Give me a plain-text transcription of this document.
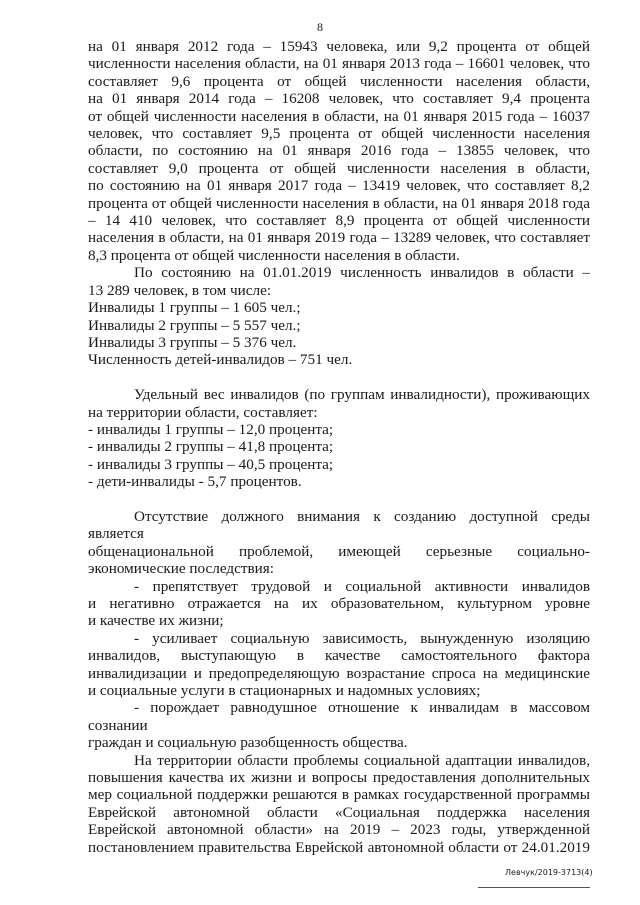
8

на 01 января 2012 года – 15943 человека, или 9,2 процента от общей

численности населения области, на 01 января 2013 года – 16601 человек, что

составляет 9,6 процента от общей численности населения области,

на 01 января 2014 года – 16208 человек, что составляет 9,4 процента

от общей численности населения в области, на 01 января 2015 года – 16037

человек, что составляет 9,5 процента от общей численности населения

области, по состоянию на 01 января 2016 года – 13855 человек, что

составляет 9,0 процента от общей численности населения в области,

по состоянию на 01 января 2017 года – 13419 человек, что составляет 8,2

процента от общей численности населения в области, на 01 января 2018 года

– 14 410 человек, что составляет 8,9 процента от общей численности

населения в области, на 01 января 2019 года – 13289 человек, что составляет

8,3 процента от общей численности населения в области.

По состоянию на 01.01.2019 численность инвалидов в области –

13 289 человек, в том числе:

Инвалиды 1 группы – 1 605 чел.;

Инвалиды 2 группы – 5 557 чел.;

Инвалиды 3 группы – 5 376 чел.

Численность детей-инвалидов – 751 чел.

Удельный вес инвалидов (по группам инвалидности), проживающих

на территории области, составляет:

- инвалиды 1 группы – 12,0 процента;

- инвалиды 2 группы – 41,8 процента;

- инвалиды 3 группы – 40,5 процента;

- дети-инвалиды - 5,7 процентов.

Отсутствие должного внимания к созданию доступной среды является

общенациональной проблемой, имеющей серьезные социально-

экономические последствия:

- препятствует трудовой и социальной активности инвалидов

и негативно отражается на их образовательном, культурном уровне

и качестве их жизни;

- усиливает социальную зависимость, вынужденную изоляцию

инвалидов, выступающую в качестве самостоятельного фактора

инвалидизации и предопределяющую возрастание спроса на медицинские

и социальные услуги в стационарных и надомных условиях;

- порождает равнодушное отношение к инвалидам в массовом сознании

граждан и социальную разобщенность общества.

На территории области проблемы социальной адаптации инвалидов,

повышения качества их жизни и вопросы предоставления дополнительных

мер социальной поддержки решаются в рамках государственной программы

Еврейской автономной области «Социальная поддержка населения

Еврейской автономной области» на 2019 – 2023 годы, утвержденной

постановлением правительства Еврейской автономной области от 24.01.2019

Левчук/2019-3713(4)
